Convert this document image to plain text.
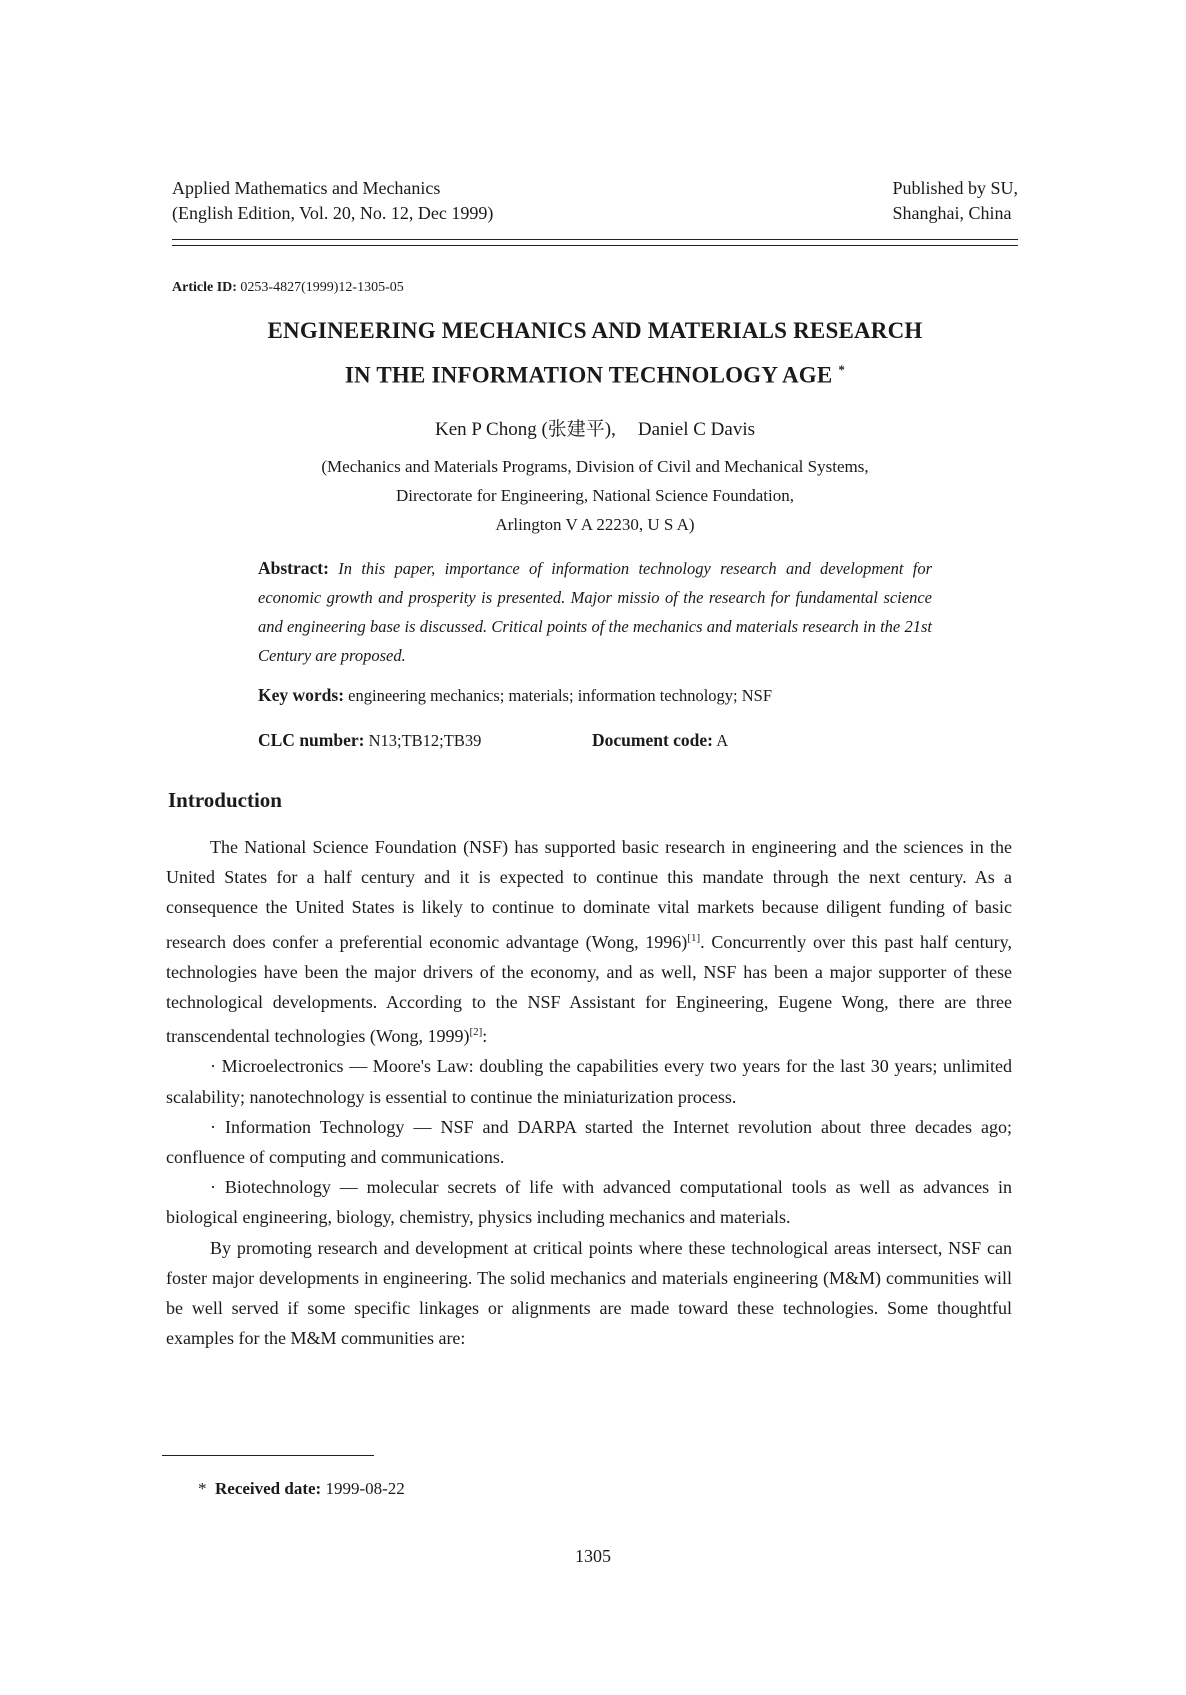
Applied Mathematics and Mechanics
(English Edition, Vol. 20, No. 12, Dec 1999)
Published by SU,
Shanghai, China
Article ID: 0253-4827(1999)12-1305-05
ENGINEERING MECHANICS AND MATERIALS RESEARCH
IN THE INFORMATION TECHNOLOGY AGE *
Ken P Chong (张建平), Daniel C Davis
(Mechanics and Materials Programs, Division of Civil and Mechanical Systems,
Directorate for Engineering, National Science Foundation,
Arlington V A 22230, U S A)
Abstract: In this paper, importance of information technology research and development for economic growth and prosperity is presented. Major missio of the research for fundamental science and engineering base is discussed. Critical points of the mechanics and materials research in the 21st Century are proposed.
Key words: engineering mechanics; materials; information technology; NSF
CLC number: N13;TB12;TB39	Document code: A
Introduction

The National Science Foundation (NSF) has supported basic research in engineering and the sciences in the United States for a half century and it is expected to continue this mandate through the next century. As a consequence the United States is likely to continue to dominate vital markets because diligent funding of basic research does confer a preferential economic advantage (Wong, 1996)[1]. Concurrently over this past half century, technologies have been the major drivers of the economy, and as well, NSF has been a major supporter of these technological developments. According to the NSF Assistant for Engineering, Eugene Wong, there are three transcendental technologies (Wong, 1999)[2]:

· Microelectronics — Moore's Law: doubling the capabilities every two years for the last 30 years; unlimited scalability; nanotechnology is essential to continue the miniaturization process.

· Information Technology — NSF and DARPA started the Internet revolution about three decades ago; confluence of computing and communications.

· Biotechnology — molecular secrets of life with advanced computational tools as well as advances in biological engineering, biology, chemistry, physics including mechanics and materials.

By promoting research and development at critical points where these technological areas intersect, NSF can foster major developments in engineering. The solid mechanics and materials engineering (M&M) communities will be well served if some specific linkages or alignments are made toward these technologies. Some thoughtful examples for the M&M communities are:

* Received date: 1999-08-22
1305
